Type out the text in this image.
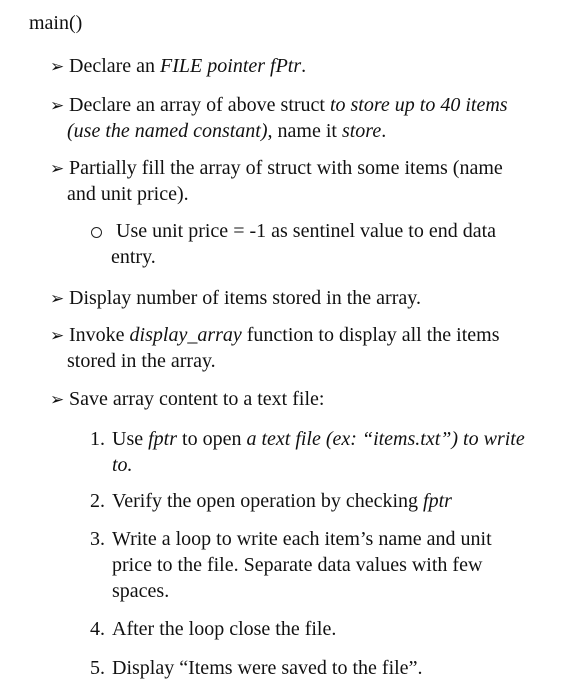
main()
➢ Declare an FILE pointer fPtr.
➢ Declare an array of above struct to store up to 40 items
(use the named constant), name it store.
➢ Partially fill the array of struct with some items (name
and unit price).
Use unit price = -1 as sentinel value to end data
entry.
➢ Display number of items stored in the array.
➢ Invoke display_array function to display all the items
stored in the array.
➢ Save array content to a text file:
1. Use fptr to open a text file (ex: “items.txt”) to write
to.
2. Verify the open operation by checking fptr
3. Write a loop to write each item’s name and unit
price to the file. Separate data values with few
spaces.
4. After the loop close the file.
5. Display “Items were saved to the file”.
